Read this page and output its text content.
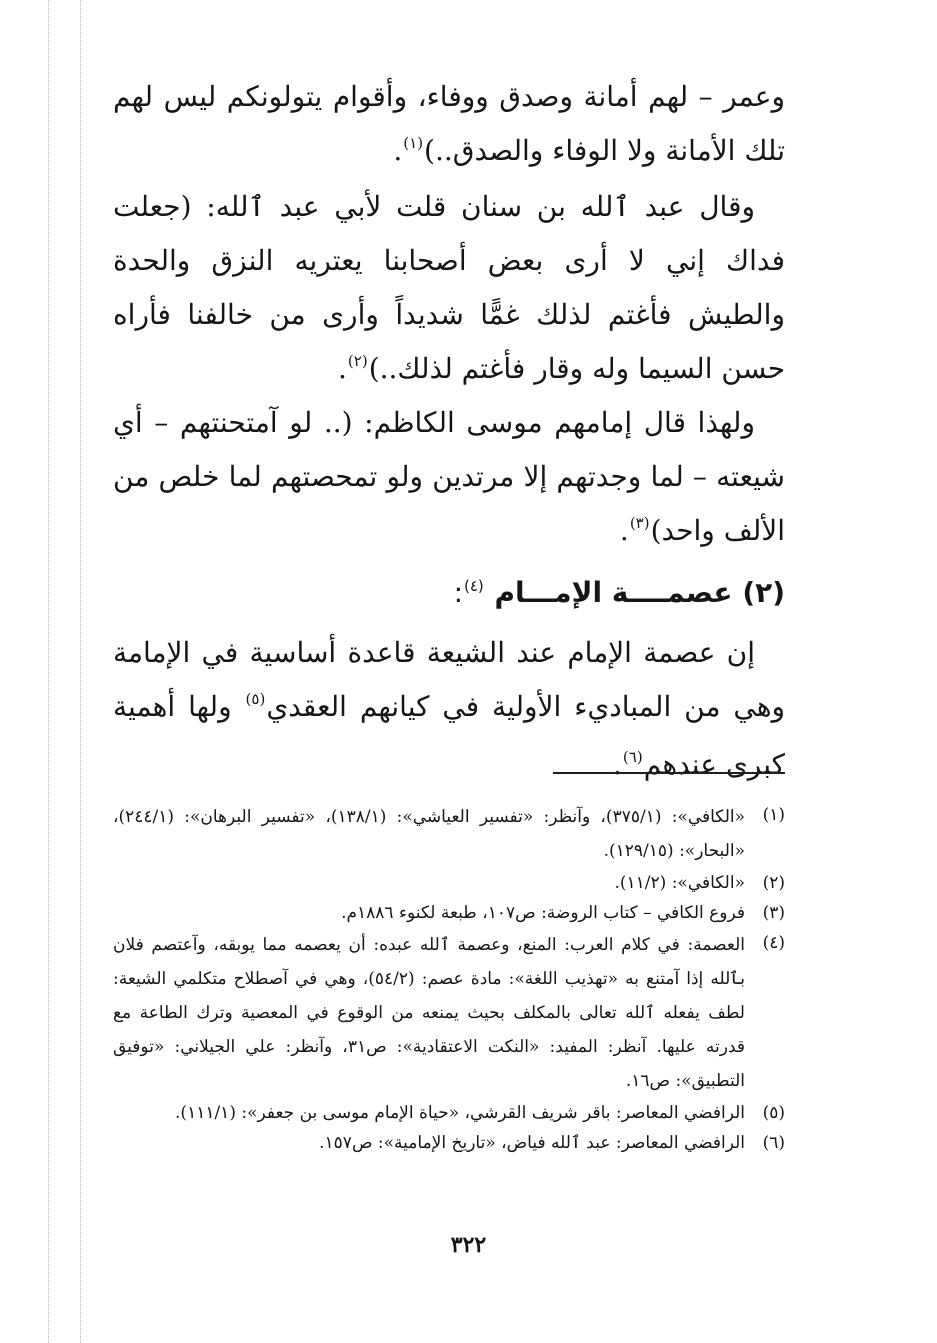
وعمر – لهم أمانة وصدق ووفاء، وأقوام يتولونكم ليس لهم تلك الأمانة ولا الوفاء والصدق..)$^{(١)}$.

وقال عبد ٱلله بن سنان قلت لأبي عبد ٱلله: (جعلت فداك إني لا أرى بعض أصحابنا يعتريه النزق والحدة والطيش فأغتم لذلك غمًّا شديداً وأرى من خالفنا فأراه حسن السيما وله وقار فأغتم لذلك..)$^{(٢)}$.

ولهذا قال إمامهم موسى الكاظم: (.. لو آمتحنتهم – أي شيعته – لما وجدتهم إلا مرتدين ولو تمحصتهم لما خلص من الألف واحد)$^{(٣)}$.

(٢) عصمــــة الإمـــام $^{(٤)}$:

إن عصمة الإمام عند الشيعة قاعدة أساسية في الإمامة وهي من المباديء الأولية في كيانهم العقدي$^{(٥)}$ ولها أهمية كبرى عندهم$^{(٦)}$.

(١)
«الكافي»: (٣٧٥/١)، وآنظر: «تفسير العياشي»: (١٣٨/١)، «تفسير البرهان»: (٢٤٤/١)، «البحار»: (١٢٩/١٥).
(٢)
«الكافي»: (١١/٢).
(٣)
فروع الكافي – كتاب الروضة: ص١٠٧، طبعة لكنوء ١٨٨٦م.
(٤)
العصمة: في كلام العرب: المنع، وعصمة ٱلله عبده: أن يعصمه مما يوبقه، وآعتصم فلان بٱلله إذا آمتنع به «تهذيب اللغة»: مادة عصم: (٥٤/٢)، وهي في آصطلاح متكلمي الشيعة: لطف يفعله ٱلله تعالى بالمكلف بحيث يمنعه من الوقوع في المعصية وترك الطاعة مع قدرته عليها. آنظر: المفيد: «النكت الاعتقادية»: ص٣١، وآنظر: علي الجيلاني: «توفيق التطبيق»: ص١٦.
(٥)
الرافضي المعاصر: باقر شريف القرشي، «حياة الإمام موسى بن جعفر»: (١١١/١).
(٦)
الرافضي المعاصر: عبد ٱلله فياض، «تاريخ الإمامية»: ص١٥٧.
٣٢٢
